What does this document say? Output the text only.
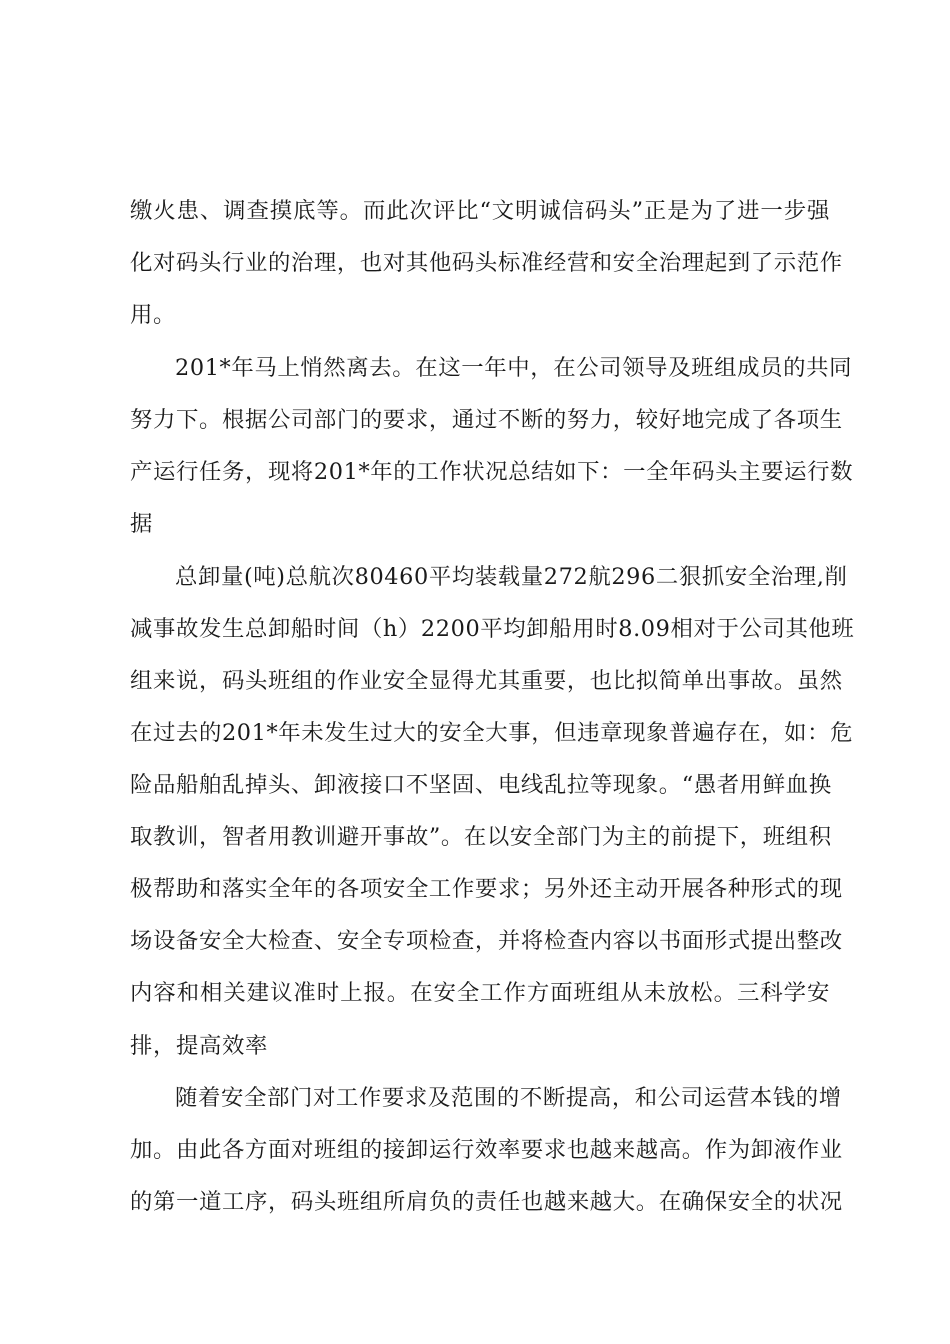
缴火患、调查摸底等。而此次评比“文明诚信码头”正是为了进一步强
化对码头行业的治理，也对其他码头标准经营和安全治理起到了示范作
用。
201*年马上悄然离去。在这一年中，在公司领导及班组成员的共同
努力下。根据公司部门的要求，通过不断的努力，较好地完成了各项生
产运行任务，现将201*年的工作状况总结如下：一全年码头主要运行数
据
总卸量(吨)总航次80460平均装载量272航296二狠抓安全治理,削
减事故发生总卸船时间（h）2200平均卸船用时8.09相对于公司其他班
组来说，码头班组的作业安全显得尤其重要，也比拟简单出事故。虽然
在过去的201*年未发生过大的安全大事，但违章现象普遍存在，如：危
险品船舶乱掉头、卸液接口不坚固、电线乱拉等现象。“愚者用鲜血换
取教训，智者用教训避开事故”。在以安全部门为主的前提下，班组积
极帮助和落实全年的各项安全工作要求；另外还主动开展各种形式的现
场设备安全大检查、安全专项检查，并将检查内容以书面形式提出整改
内容和相关建议准时上报。在安全工作方面班组从未放松。三科学安
排，提高效率
随着安全部门对工作要求及范围的不断提高，和公司运营本钱的增
加。由此各方面对班组的接卸运行效率要求也越来越高。作为卸液作业
的第一道工序，码头班组所肩负的责任也越来越大。在确保安全的状况
